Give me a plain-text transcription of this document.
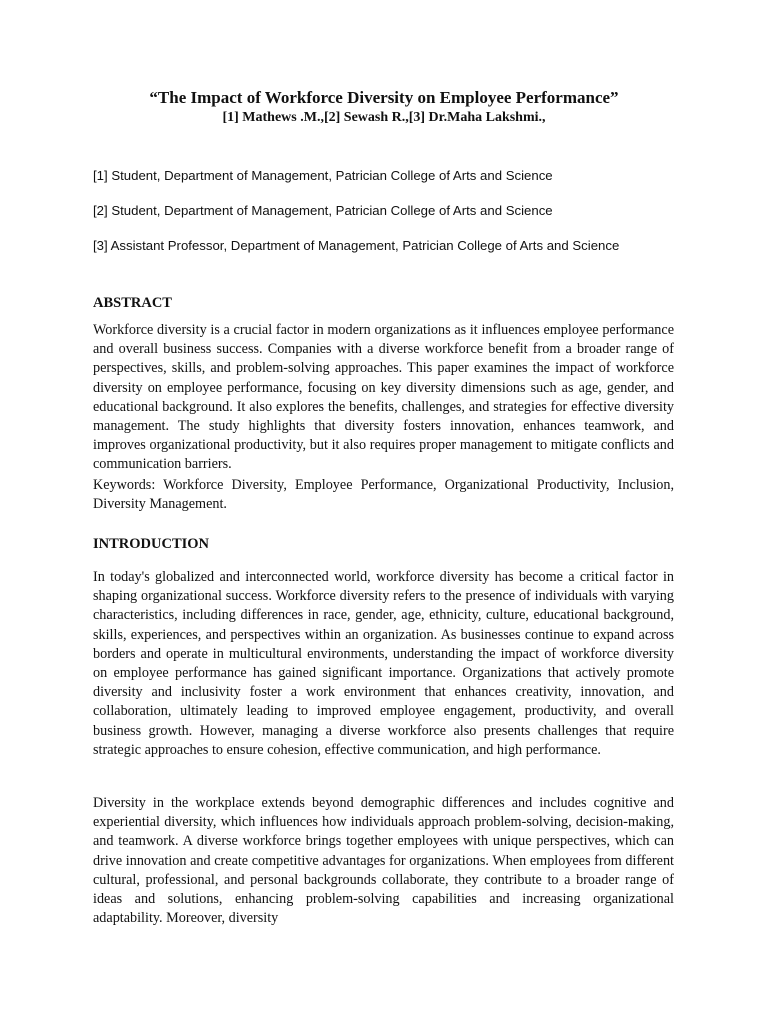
“The Impact of Workforce Diversity on Employee Performance”
[1] Mathews .M.,[2] Sewash R.,[3] Dr.Maha Lakshmi.,
[1] Student, Department of Management, Patrician College of Arts and Science
[2] Student, Department of Management, Patrician College of Arts and Science
[3] Assistant Professor, Department of Management, Patrician College of Arts and Science
ABSTRACT
Workforce diversity is a crucial factor in modern organizations as it influences employee performance and overall business success. Companies with a diverse workforce benefit from a broader range of perspectives, skills, and problem-solving approaches. This paper examines the impact of workforce diversity on employee performance, focusing on key diversity dimensions such as age, gender, and educational background. It also explores the benefits, challenges, and strategies for effective diversity management. The study highlights that diversity fosters innovation, enhances teamwork, and improves organizational productivity, but it also requires proper management to mitigate conflicts and communication barriers.
Keywords: Workforce Diversity, Employee Performance, Organizational Productivity, Inclusion, Diversity Management.
INTRODUCTION
In today's globalized and interconnected world, workforce diversity has become a critical factor in shaping organizational success. Workforce diversity refers to the presence of individuals with varying characteristics, including differences in race, gender, age, ethnicity, culture, educational background, skills, experiences, and perspectives within an organization. As businesses continue to expand across borders and operate in multicultural environments, understanding the impact of workforce diversity on employee performance has gained significant importance. Organizations that actively promote diversity and inclusivity foster a work environment that enhances creativity, innovation, and collaboration, ultimately leading to improved employee engagement, productivity, and overall business growth. However, managing a diverse workforce also presents challenges that require strategic approaches to ensure cohesion, effective communication, and high performance.
Diversity in the workplace extends beyond demographic differences and includes cognitive and experiential diversity, which influences how individuals approach problem-solving, decision-making, and teamwork. A diverse workforce brings together employees with unique perspectives, which can drive innovation and create competitive advantages for organizations. When employees from different cultural, professional, and personal backgrounds collaborate, they contribute to a broader range of ideas and solutions, enhancing problem-solving capabilities and increasing organizational adaptability. Moreover, diversity
